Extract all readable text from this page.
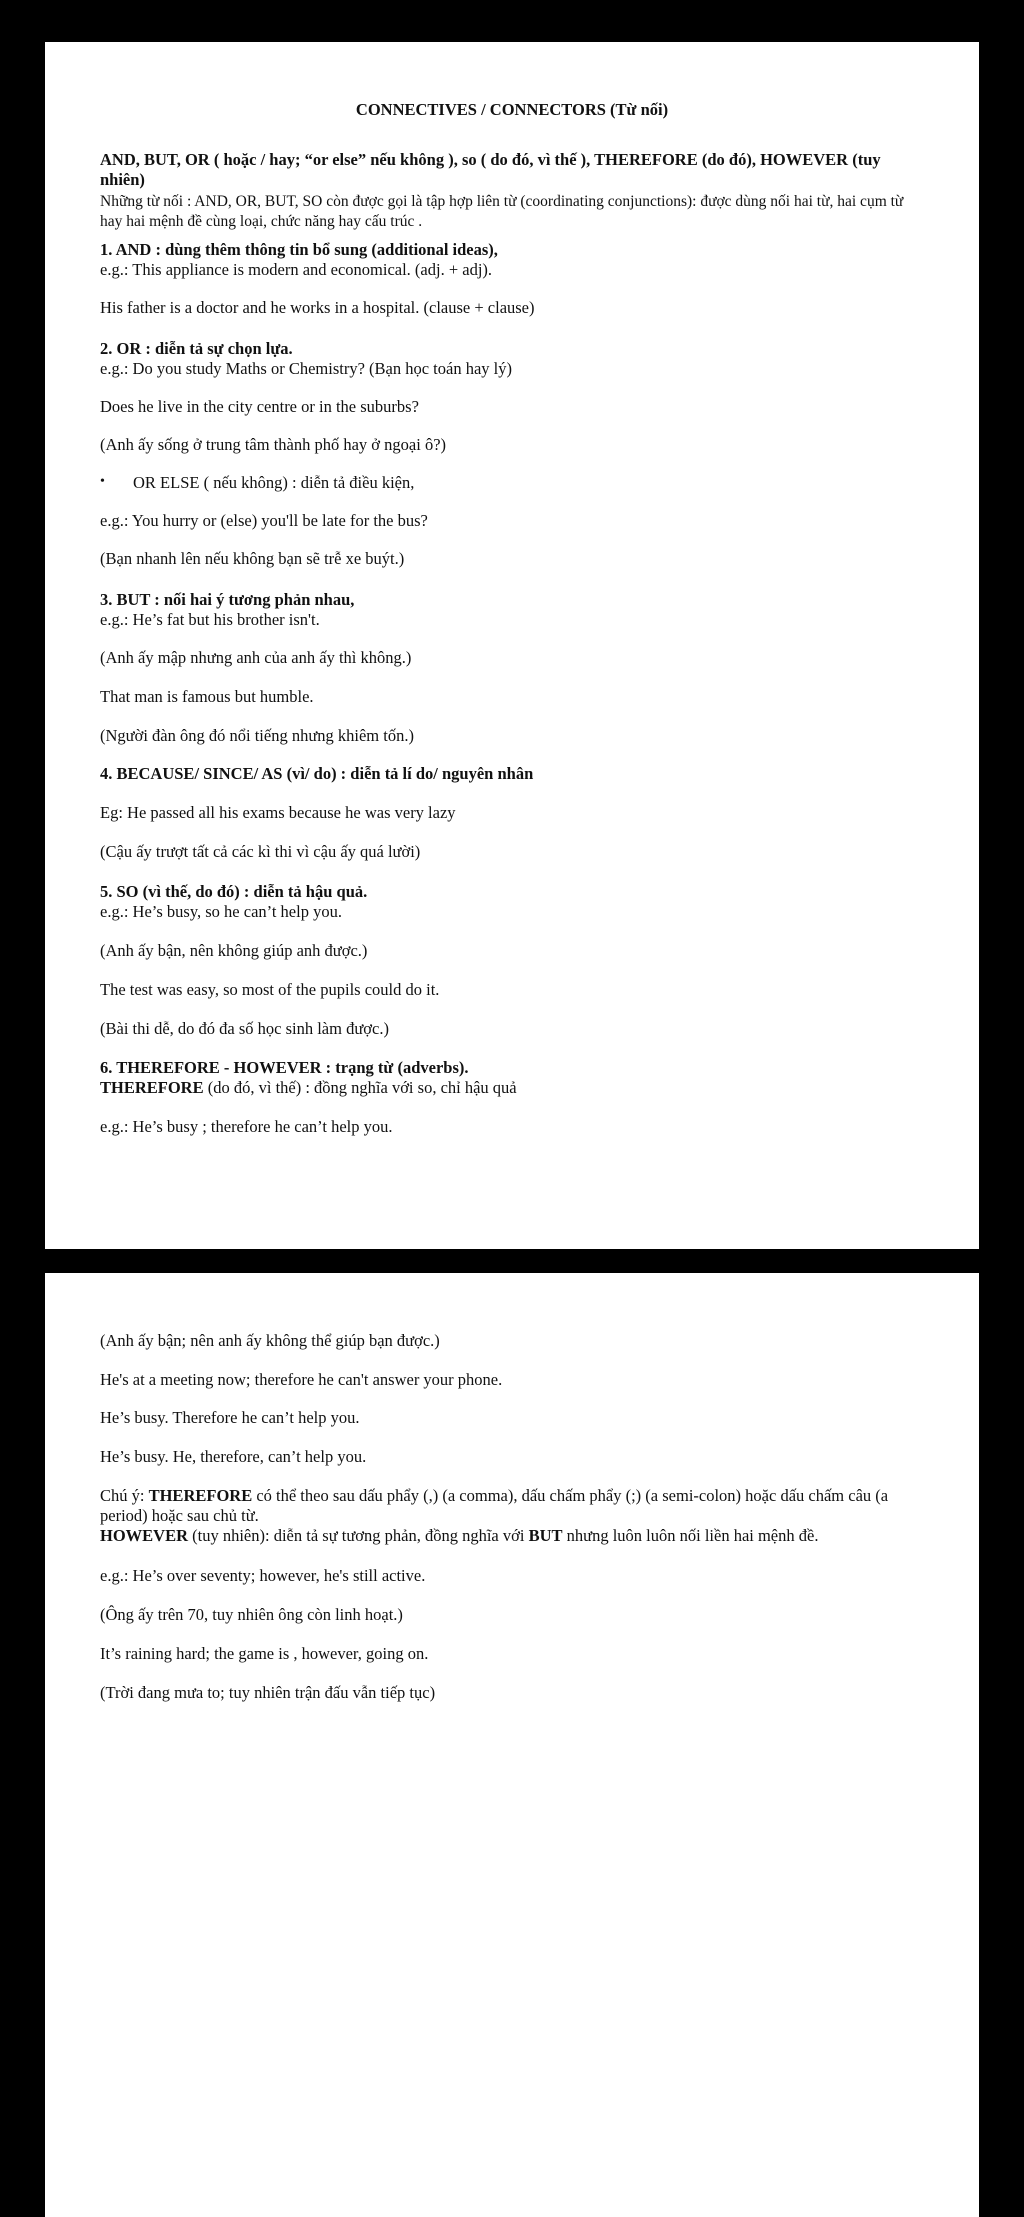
CONNECTIVES / CONNECTORS (Từ nối)
AND, BUT, OR ( hoặc / hay; “or else” nếu không ), so ( do đó, vì thế ), THEREFORE (do đó), HOWEVER (tuy nhiên)
Những từ nối : AND, OR, BUT, SO còn được gọi là tập hợp liên từ (coordinating conjunctions): được dùng nối hai từ, hai cụm từ hay hai mệnh đề cùng loại, chức năng hay cấu trúc .
1. AND : dùng thêm thông tin bổ sung (additional ideas),
e.g.: This appliance is modern and economical. (adj. + adj).
His father is a doctor and he works in a hospital. (clause + clause)
2. OR : diễn tả sự chọn lựa.
e.g.: Do you study Maths or Chemistry? (Bạn học toán hay lý)
Does he live in the city centre or in the suburbs?
(Anh ấy sống ở trung tâm thành phố hay ở ngoại ô?)
• OR ELSE ( nếu không) : diễn tả điều kiện,
e.g.: You hurry or (else) you'll be late for the bus?
(Bạn nhanh lên nếu không bạn sẽ trễ xe buýt.)
3. BUT : nối hai ý tương phản nhau,
e.g.: He’s fat but his brother isn't.
(Anh ấy mập nhưng anh của anh ấy thì không.)
That man is famous but humble.
(Người đàn ông đó nổi tiếng nhưng khiêm tốn.)
4. BECAUSE/ SINCE/ AS (vì/ do) : diễn tả lí do/ nguyên nhân
Eg: He passed all his exams because he was very lazy
(Cậu ấy trượt tất cả các kì thi vì cậu ấy quá lười)
5. SO (vì thế, do đó) : diễn tả hậu quả.
e.g.: He’s busy, so he can’t help you.
(Anh ấy bận, nên không giúp anh được.)
The test was easy, so most of the pupils could do it.
(Bài thi dễ, do đó đa số học sinh làm được.)
6. THEREFORE - HOWEVER : trạng từ (adverbs).
THEREFORE (do đó, vì thế) : đồng nghĩa với so, chỉ hậu quả
e.g.: He’s busy ; therefore he can’t help you.
(Anh ấy bận; nên anh ấy không thể giúp bạn được.)
He's at a meeting now; therefore he can't answer your phone.
He’s busy. Therefore he can’t help you.
He’s busy. He, therefore, can’t help you.
Chú ý: THEREFORE có thể theo sau dấu phẩy (,) (a comma), dấu chấm phẩy (;) (a semi-colon) hoặc dấu chấm câu (a period) hoặc sau chủ từ.
HOWEVER (tuy nhiên): diễn tả sự tương phản, đồng nghĩa với BUT nhưng luôn luôn nối liền hai mệnh đề.
e.g.: He’s over seventy; however, he's still active.
(Ông ấy trên 70, tuy nhiên ông còn linh hoạt.)
It’s raining hard; the game is , however, going on.
(Trời đang mưa to; tuy nhiên trận đấu vẫn tiếp tục)
